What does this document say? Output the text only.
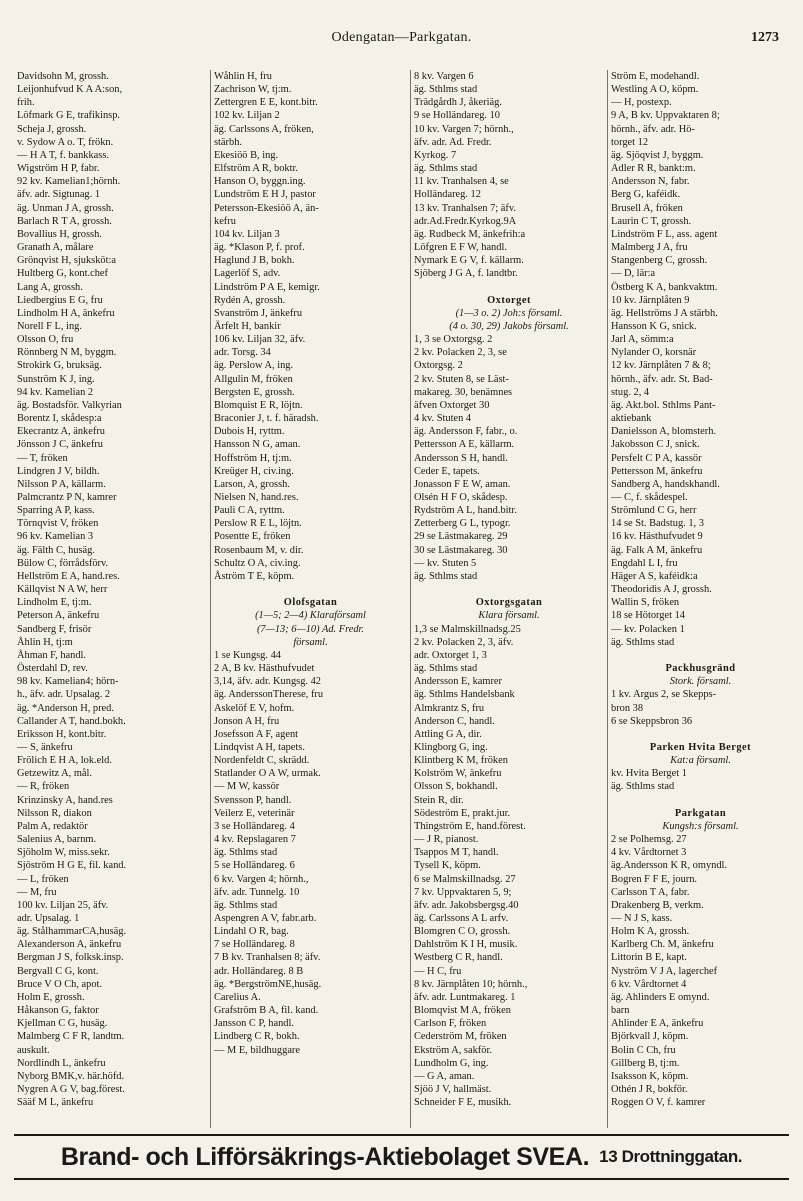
Odengatan—Parkgatan.	1273
Davidsohn M, grossh.
Leijonhufvud K A A:son,
frih.
Löfmark G E, trafikinsp.
Scheja J, grossh.
v. Sydow A o. T, frökn.
— H A T, f. bankkass.
Wigström H P, fabr.
92 kv. Kamelian1;hörnh.
äfv. adr. Sigtunag. 1
äg. Unman J A, grossh.
Barlach R T A, grossh.
Bovallius H, grossh.
Granath A, målare
Grönqvist H, sjuksköt:a
Hultberg G, kont.chef
Lang A, grossh.
Liedbergius E G, fru
Lindholm H A, änkefru
Norell F L, ing.
Olsson O, fru
Rönnberg N M, byggm.
Strokirk G, bruksäg.
Sunström K J, ing.
94 kv. Kamelian 2
äg. Bostadsför. Valkyrian
Borentz I, skådesp:a
Ekecrantz A, änkefru
Jönsson J C, änkefru
— T, fröken
Lindgren J V, bildh.
Nilsson P A, källarm.
Palmcrantz P N, kamrer
Sparring A P, kass.
Törnqvist V, fröken
96 kv. Kamelian 3
äg. Fälth C, husäg.
Bülow C, förrådsförv.
Hellström E A, hand.res.
Källqvist N A W, herr
Lindholm E, tj:m.
Peterson A, änkefru
Sandberg F, frisör
Åhlin H, tj:m
Åhman F, handl.
Österdahl D, rev.
98 kv. Kamelian4; hörn-
h., äfv. adr. Upsalag. 2
äg. *Anderson H, pred.
Callander A T, hand.bokh.
Eriksson H, kont.bitr.
— S, änkefru
Frölich E H A, lok.eld.
Getzewitz A, mål.
— R, fröken
Krinzinsky A, hand.res
Nilsson R, diakon
Palm A, redaktör
Salenius A, barnm.
Sjöholm W, miss.sekr.
Sjöström H G E, fil. kand.
— L, fröken
— M, fru
100 kv. Liljan 25, äfv.
adr. Upsalag. 1
äg. StålhammarCA,husäg.
Alexanderson A, änkefru
Bergman J S, folksk.insp.
Bergvall C G, kont.
Bruce V O Ch, apot.
Holm E, grossh.
Håkanson G, faktor
Kjellman C G, husäg.
Malmberg C F R, landtm.
auskult.
Nordlindh L, änkefru
Nyborg BMK,v. här.höfd.
Nygren A G V, bag.förest.
Sääf M L, änkefru
Wåhlin H, fru
Zachrison W, tj:m.
Zettergren E E, kont.bitr.
102 kv. Liljan 2
äg. Carlssons A, fröken,
stärbh.
Ekesiöö B, ing.
Elfström A R, boktr.
Hanson O, byggn.ing.
Lundström E H J, pastor
Petersson-Ekesiöö A, än-
kefru
104 kv. Liljan 3
äg. *Klason P, f. prof.
Haglund J B, bokh.
Lagerlöf S, adv.
Lindström P A E, kemigr.
Rydén A, grossh.
Svanström J, änkefru
Ärfelt H, bankir
106 kv. Liljan 32, äfv.
adr. Torsg. 34
äg. Perslow A, ing.
Allgulin M, fröken
Bergsten E, grossh.
Blomquist E R, löjtn.
Braconier J, t. f. häradsh.
Dubois H, ryttm.
Hansson N G, aman.
Hoffström H, tj:m.
Kreüger H, civ.ing.
Larson, A, grossh.
Nielsen N, hand.res.
Pauli C A, ryttm.
Perslow R E L, löjtn.
Posentte E, fröken
Rosenbaum M, v. dir.
Schultz O A, civ.ing.
Åström T E, köpm.

Olofsgatan
(1—5; 2—4) Klaraförsaml
(7—13; 6—10) Ad. Fredr.
församl.
1 se Kungsg. 44
2 A, B kv. Hästhufvudet
3,14, äfv. adr. Kungsg. 42
äg. AnderssonTherese, fru
Askelöf E V, hofm.
Jonson A H, fru
Josefsson A F, agent
Lindqvist A H, tapets.
Nordenfeldt C, skrädd.
Statlander O A W, urmak.
— M W, kassör
Svensson P, handl.
Veilerz E, veterinär
3 se Holländareg. 4
4 kv. Repslagaren 7
äg. Sthlms stad
5 se Holländareg. 6
6 kv. Vargen 4; hörnh.,
äfv. adr. Tunnelg. 10
äg. Sthlms stad
Aspengren A V, fabr.arb.
Lindahl O R, bag.
7 se Holländareg. 8
7 B kv. Tranhalsen 8; äfv.
adr. Holländareg. 8 B
äg. *BergströmNE,husäg.
Carelius A.
Grafström B A, fil. kand.
Jansson C P, handl.
Lindberg C R, bokh.
— M E, bildhuggare
8 kv. Vargen 6
äg. Sthlms stad
Trädgårdh J, åkeriäg.
9 se Holländareg. 10
10 kv. Vargen 7; hörnh.,
äfv. adr. Ad. Fredr.
Kyrkog. 7
äg. Sthlms stad
11 kv. Tranhalsen 4, se
Holländareg. 12
13 kv. Tranhalsen 7; äfv.
adr.Ad.Fredr.Kyrkog.9A
äg. Rudbeck M, änkefrih:a
Löfgren E F W, handl.
Nymark E G V, f. källarm.
Sjöberg J G A, f. landtbr.

Oxtorget
(1—3 o. 2) Joh:s församl.
(4 o. 30, 29) Jakobs församl.
1, 3 se Oxtorgsg. 2
2 kv. Polacken 2, 3, se
Oxtorgsg. 2
2 kv. Stuten 8, se Läst-
makareg. 30, benämnes
äfven Oxtorget 30
4 kv. Stuten 4
äg. Andersson F, fabr., o.
Pettersson A E, källarm.
Andersson S H, handl.
Ceder E, tapets.
Jonasson F E W, aman.
Olsén H F O, skådesp.
Rydström A L, hand.bitr.
Zetterberg G L, typogr.
29 se Lästmakareg. 29
30 se Lästmakareg. 30
— kv. Stuten 5
äg. Sthlms stad

Oxtorgsgatan
Klara församl.
1,3 se Malmskillnadsg.25
2 kv. Polacken 2, 3, äfv.
adr. Oxtorget 1, 3
äg. Sthlms stad
Andersson E, kamrer
äg. Sthlms Handelsbank
Almkrantz S, fru
Anderson C, handl.
Attling G A, dir.
Klingborg G, ing.
Klintberg K M, fröken
Kolström W, änkefru
Olsson S, bokhandl.
Stein R, dir.
Södeström E, prakt.jur.
Thingström E, hand.förest.
— J R, pianost.
Tsappos M T, handl.
Tysell K, köpm.
6 se Malmskillnadsg. 27
7 kv. Uppvaktaren 5, 9;
äfv. adr. Jakobsbergsg.40
äg. Carlssons A L arfv.
Blomgren C O, grossh.
Dahlström K I H, musik.
Westberg C R, handl.
— H C, fru
8 kv. Järnplåten 10; hörnh.,
äfv. adr. Luntmakareg. 1
Blomqvist M A, fröken
Carlson F, fröken
Cederström M, fröken
Ekström A, sakför.
Lundholm G, ing.
— G A, aman.
Sjöö J V, hallmäst.
Schneider F E, musikh.
Ström E, modehandl.
Westling A O, köpm.
— H, postexp.
9 A, B kv. Uppvaktaren 8;
hörnh., äfv. adr. Hö-
torget 12
äg. Sjöqvist J, byggm.
Adler R R, bankt:m.
Andersson N, fabr.
Berg G, kaféidk.
Brusell A, fröken
Laurin C T, grossh.
Lindström F L, ass. agent
Malmberg J A, fru
Stangenberg C, grossh.
— D, lär:a
Östberg K A, bankvaktm.
10 kv. Järnplåten 9
äg. Hellströms J A stärbh.
Hansson K G, snick.
Jarl A, sömm:a
Nylander O, korsnär
12 kv. Järnplåten 7 & 8;
hörnh., äfv. adr. St. Bad-
stug. 2, 4
äg. Akt.bol. Sthlms Pant-
aktiebank
Danielsson A, blomsterh.
Jakobsson C J, snick.
Persfelt C P A, kassör
Pettersson M, änkefru
Sandberg A, handskhandl.
— C, f. skådespel.
Strömlund C G, herr
14 se St. Badstug. 1, 3
16 kv. Hästhufvudet 9
äg. Falk A M, änkefru
Engdahl L I, fru
Häger A S, kaféidk:a
Theodoridis A J, grossh.
Wallin S, fröken
18 se Hötorget 14
— kv. Polacken 1
äg. Sthlms stad

Packhusgränd
Stork. församl.
1 kv. Argus 2, se Skepps-
bron 38
6 se Skeppsbron 36

Parken Hvita Berget
Kat:a församl.
kv. Hvita Berget 1
äg. Sthlms stad

Parkgatan
Kungsh:s församl.
2 se Polhemsg. 27
4 kv. Vårdtornet 3
äg.Andersson K R, omyndl.
Bogren F F E, journ.
Carlsson T A, fabr.
Drakenberg B, verkm.
— N J S, kass.
Holm K A, grossh.
Karlberg Ch. M, änkefru
Littorin B E, kapt.
Nyström V J A, lagerchef
6 kv. Vårdtornet 4
äg. Ahlinders E omynd.
barn
Ahlinder E A, änkefru
Björkvall J, köpm.
Bolin C Ch, fru
Gillberg B, tj:m.
Isaksson K, köpm.
Othén J R, bokför.
Roggen O V, f. kamrer
Brand- och Lifförsäkrings-Aktiebolaget SVEA. 13 Drottninggatan.
